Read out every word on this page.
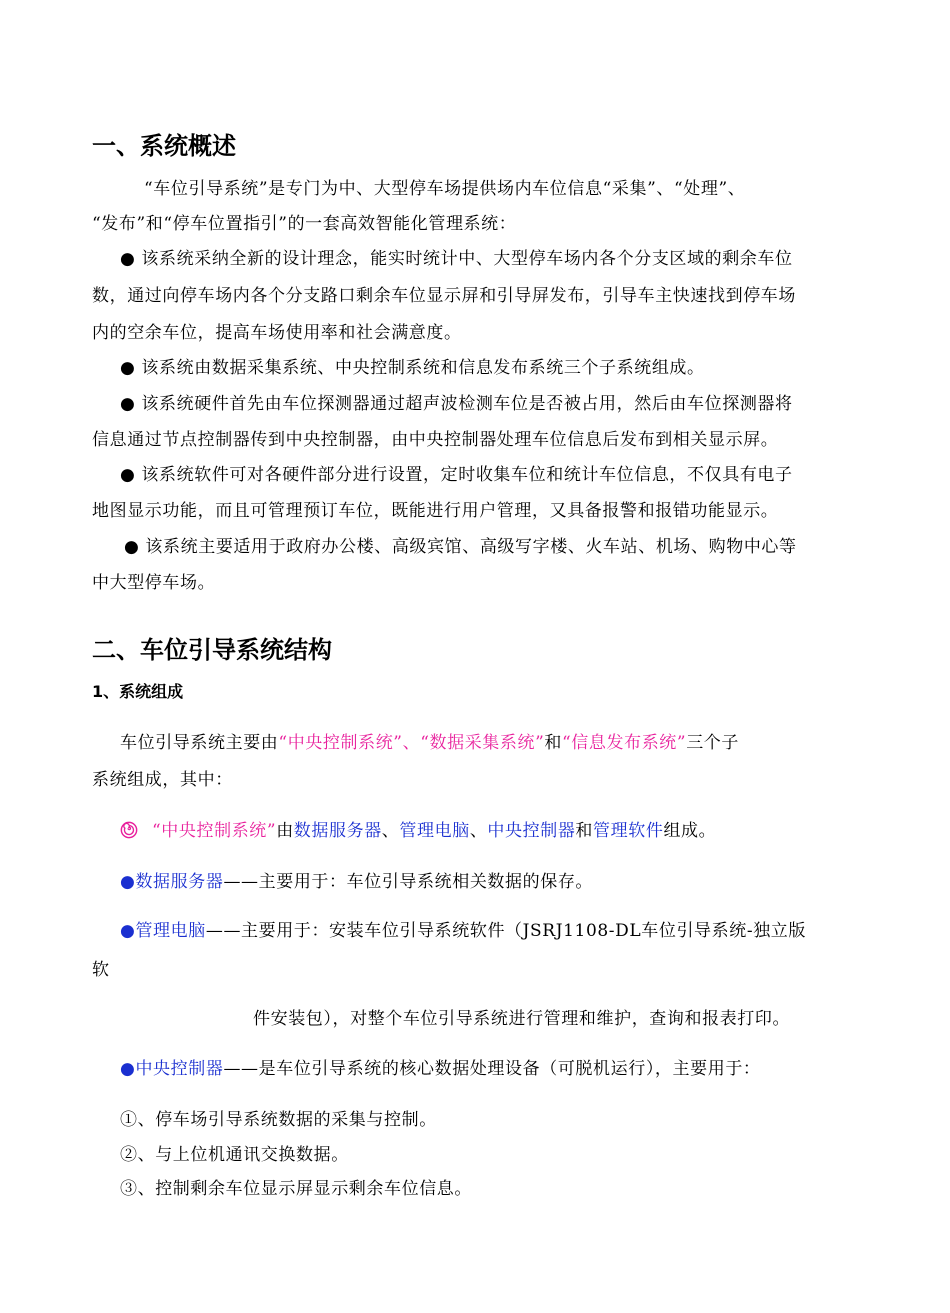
一、系统概述
“车位引导系统”是专门为中、大型停车场提供场内车位信息“采集”、“处理”、
“发布”和“停车位置指引”的一套高效智能化管理系统：
● 该系统采纳全新的设计理念，能实时统计中、大型停车场内各个分支区域的剩余车位
数，通过向停车场内各个分支路口剩余车位显示屏和引导屏发布，引导车主快速找到停车场
内的空余车位，提高车场使用率和社会满意度。
● 该系统由数据采集系统、中央控制系统和信息发布系统三个子系统组成。
● 该系统硬件首先由车位探测器通过超声波检测车位是否被占用，然后由车位探测器将
信息通过节点控制器传到中央控制器，由中央控制器处理车位信息后发布到相关显示屏。
● 该系统软件可对各硬件部分进行设置，定时收集车位和统计车位信息，不仅具有电子
地图显示功能，而且可管理预订车位，既能进行用户管理，又具备报警和报错功能显示。
● 该系统主要适用于政府办公楼、高级宾馆、高级写字楼、火车站、机场、购物中心等
中大型停车场。
二、车位引导系统结构
1、系统组成
车位引导系统主要由“中央控制系统”、“数据采集系统”和“信息发布系统”三个子
系统组成，其中：
“中央控制系统”由数据服务器、管理电脑、中央控制器和管理软件组成。
●数据服务器——主要用于：车位引导系统相关数据的保存。
●管理电脑——主要用于：安装车位引导系统软件（JSRJ1108-DL车位引导系统-独立版
软
件安装包），对整个车位引导系统进行管理和维护，查询和报表打印。
●中央控制器——是车位引导系统的核心数据处理设备（可脱机运行），主要用于：
①、停车场引导系统数据的采集与控制。
②、与上位机通讯交换数据。
③、控制剩余车位显示屏显示剩余车位信息。
